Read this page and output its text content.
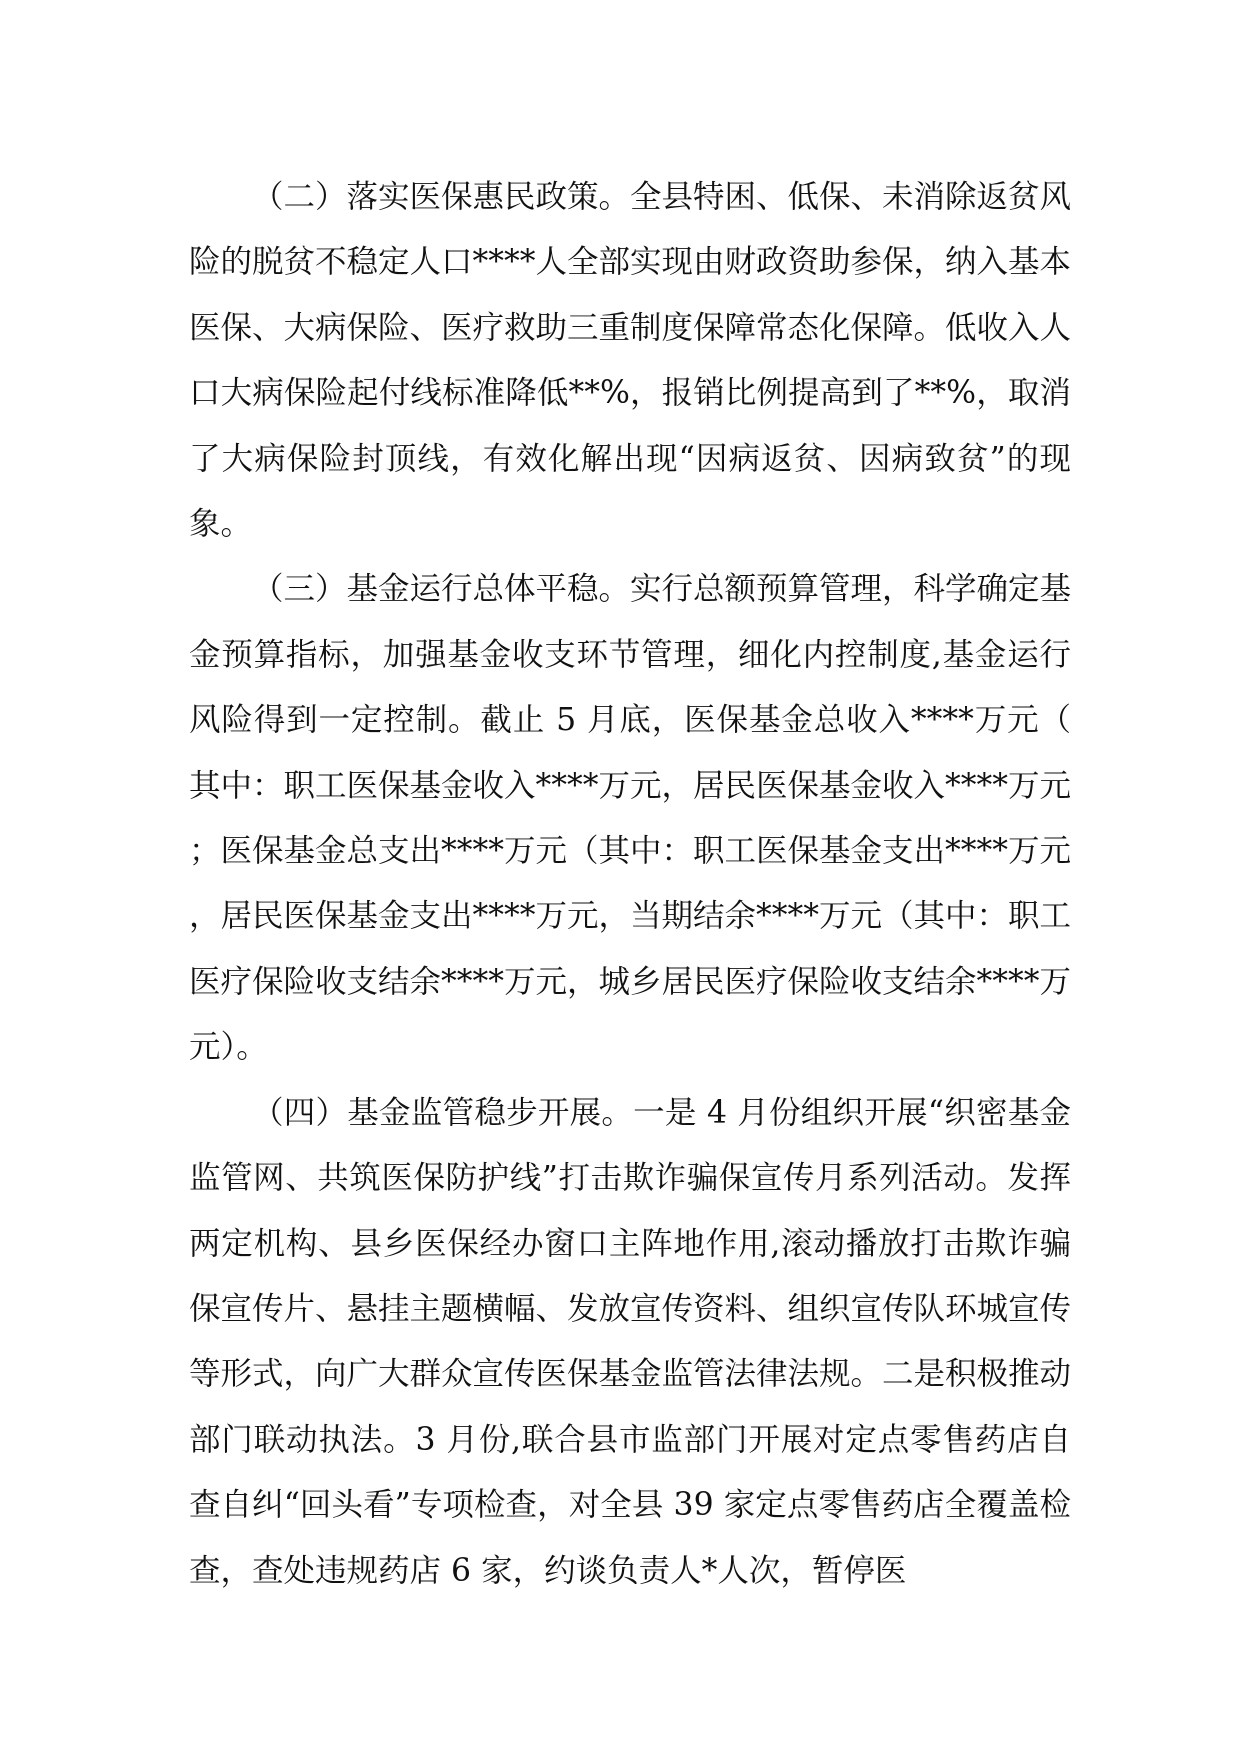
（二）落实医保惠民政策。全县特困、低保、未消除返贫风险的脱贫不稳定人口****人全部实现由财政资助参保，纳入基本医保、大病保险、医疗救助三重制度保障常态化保障。低收入人口大病保险起付线标准降低**%，报销比例提高到了**%，取消了大病保险封顶线，有效化解出现“因病返贫、因病致贫”的现象。

（三）基金运行总体平稳。实行总额预算管理，科学确定基金预算指标，加强基金收支环节管理，细化内控制度,基金运行风险得到一定控制。截止 5 月底，医保基金总收入****万元（其中：职工医保基金收入****万元，居民医保基金收入****万元；医保基金总支出****万元（其中：职工医保基金支出****万元，居民医保基金支出****万元，当期结余****万元（其中：职工医疗保险收支结余****万元，城乡居民医疗保险收支结余****万元）。

（四）基金监管稳步开展。一是 4 月份组织开展“织密基金监管网、共筑医保防护线”打击欺诈骗保宣传月系列活动。发挥两定机构、县乡医保经办窗口主阵地作用,滚动播放打击欺诈骗保宣传片、悬挂主题横幅、发放宣传资料、组织宣传队环城宣传等形式，向广大群众宣传医保基金监管法律法规。二是积极推动部门联动执法。3 月份,联合县市监部门开展对定点零售药店自查自纠“回头看”专项检查，对全县 39 家定点零售药店全覆盖检查，查处违规药店 6 家，约谈负责人*人次，暂停医
